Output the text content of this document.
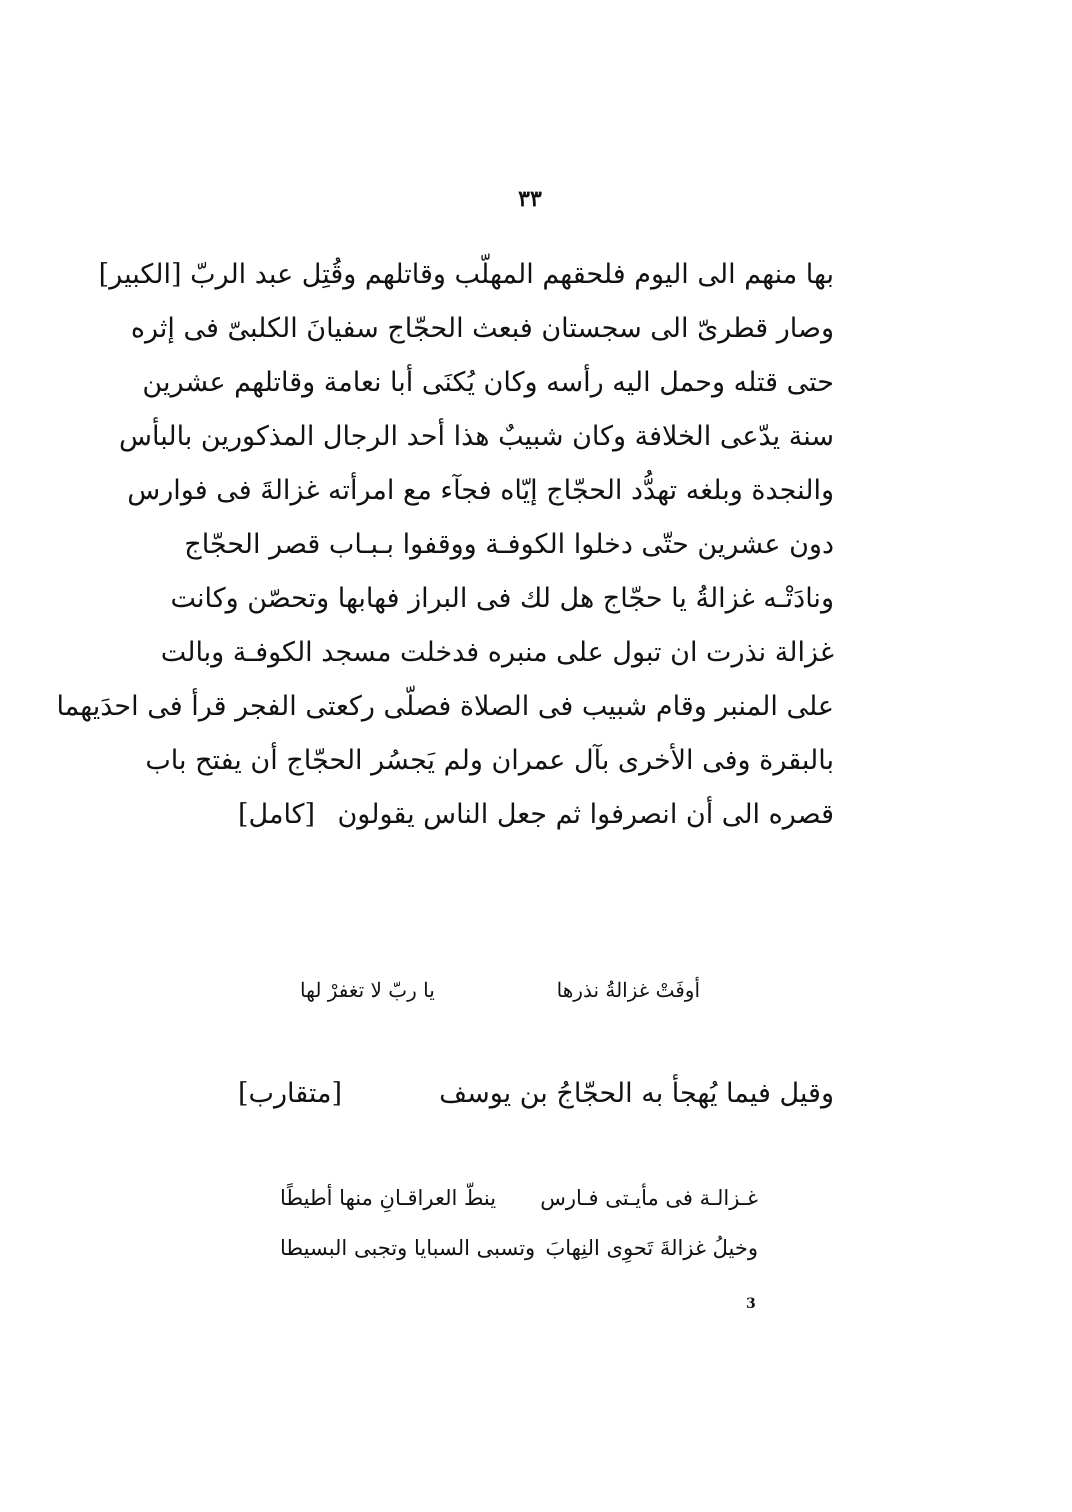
٣٣
بها منهم الى اليوم فلحقهم المهلّب وقاتلهم وقُتِل عبد الربّ [الكبير]
وصار قطرىّ الى سجستان فبعث الحجّاج سفيانَ الكلبىّ فى إثره
حتى قتله وحمل اليه رأسه وكان يُكنَى أبا نعامة وقاتلهم عشرين
سنة يدّعى الخلافة وكان شبيبٌ هذا أحد الرجال المذكورين بالبأس
والنجدة وبلغه تهدُّد الحجّاج إيّاه فجآء مع امرأته غزالةَ فى فوارس
دون عشرين حتّى دخلوا الكوفـة ووقفوا بـبـاب قصر الحجّاج
ونادَتْـه غزالةُ يا حجّاج هل لك فى البراز فهابها وتحصّن وكانت
غزالة نذرت ان تبول على منبره فدخلت مسجد الكوفـة وبالت
على المنبر وقام شبيب فى الصلاة فصلّى ركعتى الفجر قرأ فى احدَيهما
بالبقرة وفى الأخرى بآل عمران ولم يَجسُر الحجّاج أن يفتح باب
قصره الى أن انصرفوا ثم جعل الناس يقولون
[كامل]
أوفَتْ غزالةُ نذرها
يا ربّ لا تغفرْ لها
وقيل فيما يُهجأ به الحجّاجُ بن يوسف
[متقارب]
غـزالـة فى مأيـتى فـارس
ينطّ العراقـانِ منها أطيطًا
وخيلُ غزالةَ تَحوِى النِهابَ
وتسبى السبايا وتجبى البسيطا
3
